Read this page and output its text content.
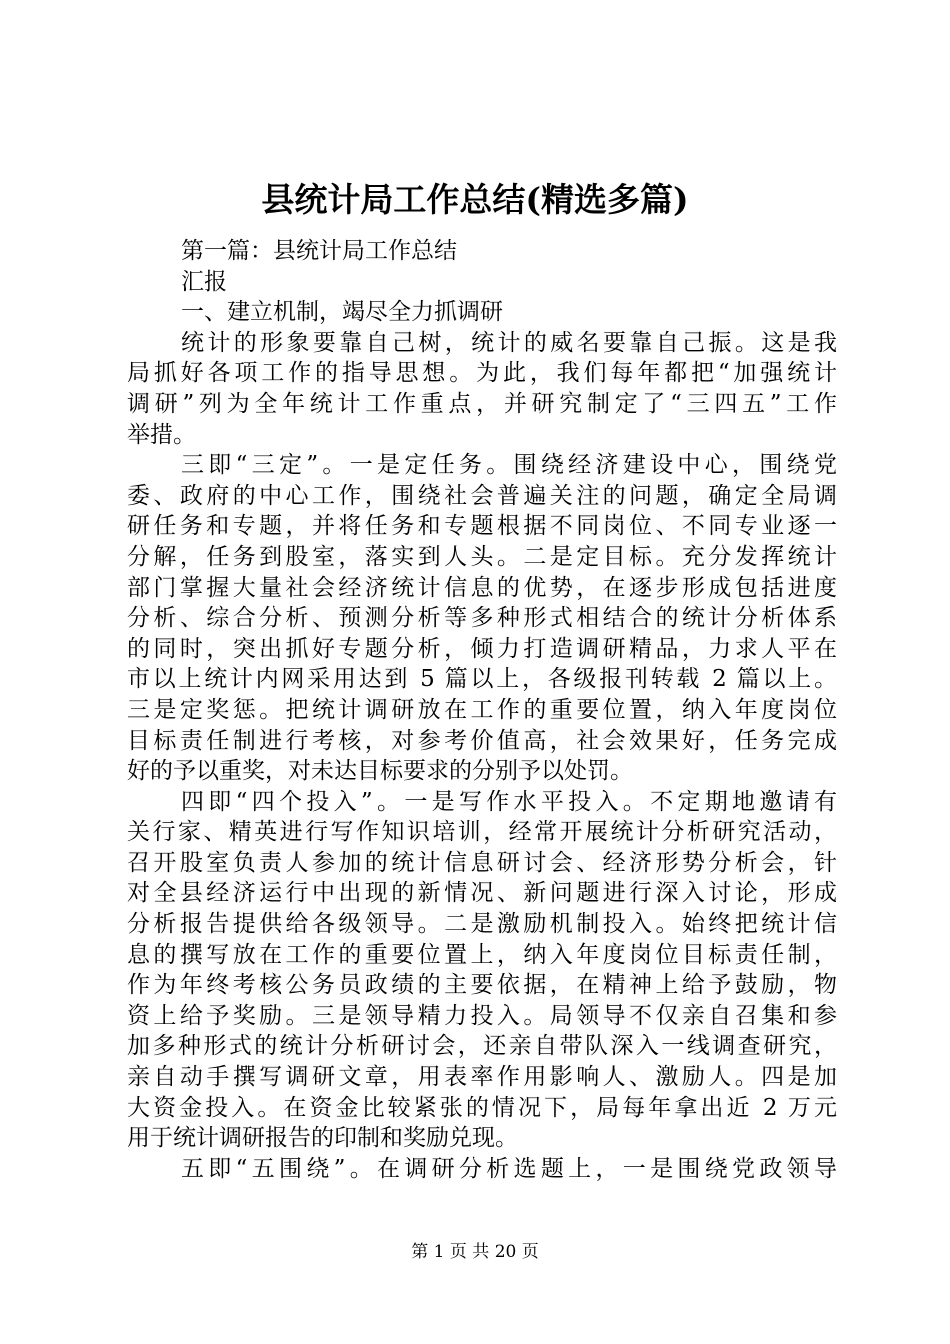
县统计局工作总结(精选多篇)
第一篇：县统计局工作总结
汇报
一、建立机制，竭尽全力抓调研
统计的形象要靠自己树，统计的威名要靠自己振。这是我
局抓好各项工作的指导思想。为此，我们每年都把“加强统计
调研”列为全年统计工作重点，并研究制定了“三四五”工作
举措。
三即“三定”。一是定任务。围绕经济建设中心，围绕党
委、政府的中心工作，围绕社会普遍关注的问题，确定全局调
研任务和专题，并将任务和专题根据不同岗位、不同专业逐一
分解，任务到股室，落实到人头。二是定目标。充分发挥统计
部门掌握大量社会经济统计信息的优势，在逐步形成包括进度
分析、综合分析、预测分析等多种形式相结合的统计分析体系
的同时，突出抓好专题分析，倾力打造调研精品，力求人平在
市以上统计内网采用达到 5 篇以上，各级报刊转载 2 篇以上。
三是定奖惩。把统计调研放在工作的重要位置，纳入年度岗位
目标责任制进行考核，对参考价值高，社会效果好，任务完成
好的予以重奖，对未达目标要求的分别予以处罚。
四即“四个投入”。一是写作水平投入。不定期地邀请有
关行家、精英进行写作知识培训，经常开展统计分析研究活动，
召开股室负责人参加的统计信息研讨会、经济形势分析会，针
对全县经济运行中出现的新情况、新问题进行深入讨论，形成
分析报告提供给各级领导。二是激励机制投入。始终把统计信
息的撰写放在工作的重要位置上，纳入年度岗位目标责任制，
作为年终考核公务员政绩的主要依据，在精神上给予鼓励，物
资上给予奖励。三是领导精力投入。局领导不仅亲自召集和参
加多种形式的统计分析研讨会，还亲自带队深入一线调查研究，
亲自动手撰写调研文章，用表率作用影响人、激励人。四是加
大资金投入。在资金比较紧张的情况下，局每年拿出近 2 万元
用于统计调研报告的印制和奖励兑现。
五即“五围绕”。在调研分析选题上，一是围绕党政领导
第 1 页 共 20 页
